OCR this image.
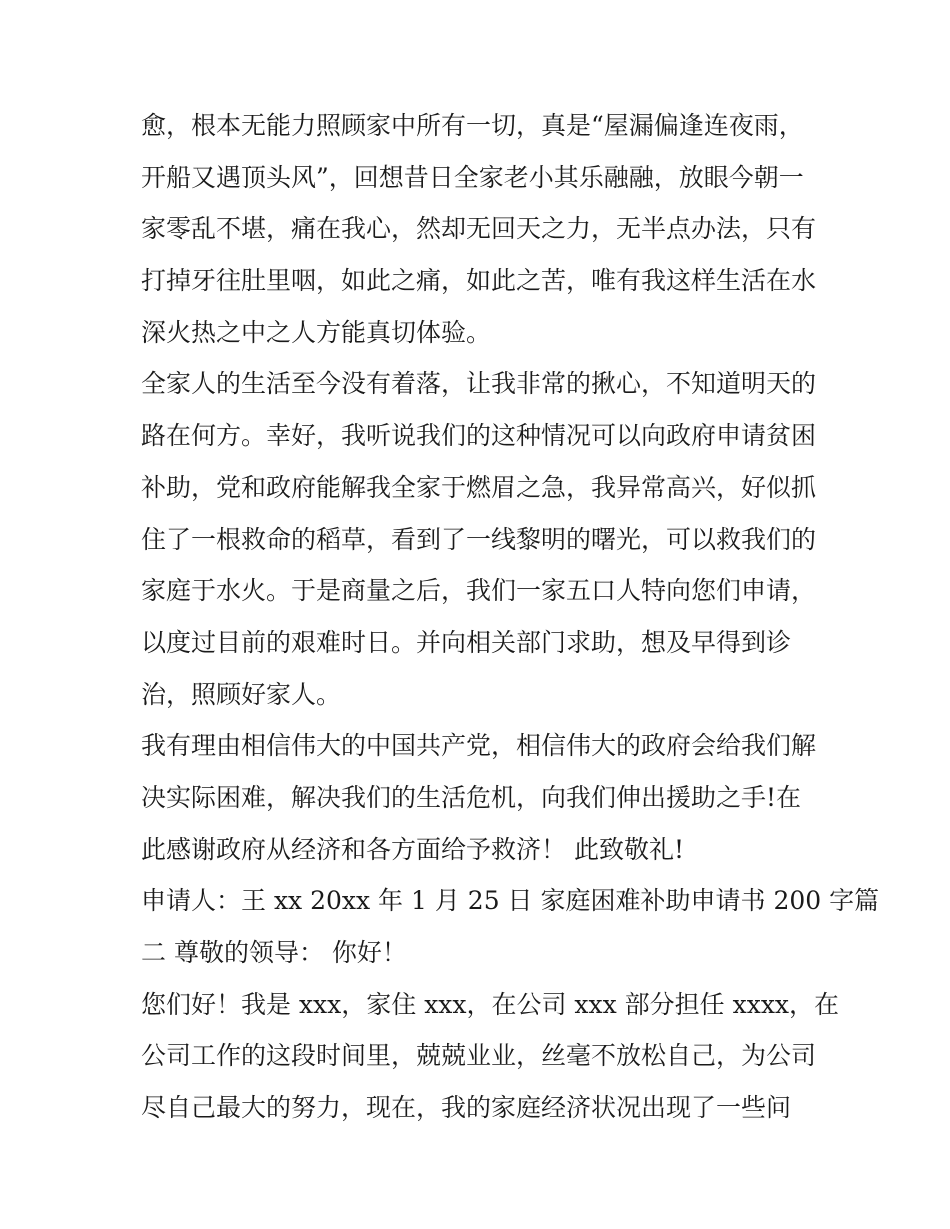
愈，根本无能力照顾家中所有一切，真是“屋漏偏逢连夜雨，
开船又遇顶头风”，回想昔日全家老小其乐融融，放眼今朝一
家零乱不堪，痛在我心，然却无回天之力，无半点办法，只有
打掉牙往肚里咽，如此之痛，如此之苦，唯有我这样生活在水
深火热之中之人方能真切体验。
全家人的生活至今没有着落，让我非常的揪心，不知道明天的
路在何方。幸好，我听说我们的这种情况可以向政府申请贫困
补助，党和政府能解我全家于燃眉之急，我异常高兴，好似抓
住了一根救命的稻草，看到了一线黎明的曙光，可以救我们的
家庭于水火。于是商量之后，我们一家五口人特向您们申请，
以度过目前的艰难时日。并向相关部门求助，想及早得到诊
治，照顾好家人。
我有理由相信伟大的中国共产党，相信伟大的政府会给我们解
决实际困难，解决我们的生活危机，向我们伸出援助之手!在
此感谢政府从经济和各方面给予救济！ 此致敬礼!
申请人：王 xx 20xx 年 1 月 25 日 家庭困难补助申请书 200 字篇
二 尊敬的领导： 你好！
您们好！我是 xxx，家住 xxx，在公司 xxx 部分担任 xxxx，在
公司工作的这段时间里，兢兢业业，丝毫不放松自己，为公司
尽自己最大的努力，现在，我的家庭经济状况出现了一些问
